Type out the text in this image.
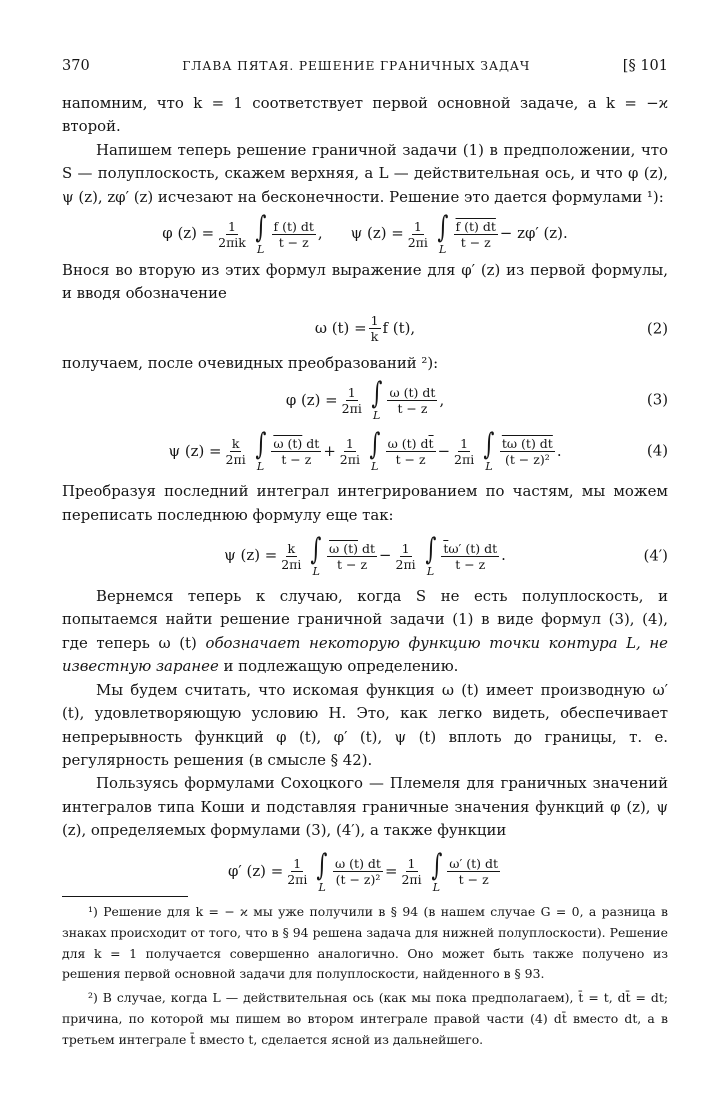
370	ГЛАВА ПЯТАЯ. РЕШЕНИЕ ГРАНИЧНЫХ ЗАДАЧ	[§ 101

напомним, что k = 1 соответствует первой основной задаче, а k = −ϰ второй.

Напишем теперь решение граничной задачи (1) в предположении, что S — полуплоскость, скажем верхняя, а L — действительная ось, и что φ (z), ψ (z), zφ′ (z) исчезают на бесконечности. Решение это дается формулами ¹):

φ (z) = 1
2πik ∫
L $\frac{f (t) dt}{t - z}$ , ψ $(z) = \frac{1}{2\pi i}$ ∫
L $\frac{f (t) dt}{t - z} - z\varphi'$ (z).

Внося во вторую из этих формул выражение для φ′ (z) из первой формулы, и вводя обозначение

ω $(t) = \frac{1}{k}$ f (t),	(2)

получаем, после очевидных преобразований ²):

φ $(z) = \frac{1}{2\pi i}$ ∫
L $\frac{\omega (t) dt}{t - z}$ ,	(3)
ψ $(z) = \frac{k}{2\pi i}$ ∫
L
ω (t) dt
$t - z + \frac{1}{2\pi i}$ ∫
L
ω (t) $d\overline{t}$
$t - z - \frac{1}{2\pi i}$ ∫
L $\frac{t\omega (t) dt}{\text{(t − z)²}}$ .	(4)

Преобразуя последний интеграл интегрированием по частям, мы можем переписать последнюю формулу еще так:

ψ $(z) = \frac{k}{2\pi i}$ ∫
L
ω (t) dt
$t - z - \frac{1}{2\pi i}$ ∫
L
$\overline{t}\omega'$ (t) dt
t − z .	(4′)

Вернемся теперь к случаю, когда S не есть полуплоскость, и попытаемся найти решение граничной задачи (1) в виде формул (3), (4), где теперь ω (t) обозначает некоторую функцию точки контура L, не известную заранее и подлежащую определению.

Мы будем считать, что искомая функция ω (t) имеет производную ω′ (t), удовлетворяющую условию H. Это, как легко видеть, обеспечивает непрерывность функций φ (t), φ′ (t), ψ (t) вплоть до границы, т. е. регулярность решения (в смысле § 42).

Пользуясь формулами Сохоцкого — Племеля для граничных значений интегралов типа Коши и подставляя граничные значения функций φ (z), ψ (z), определяемых формулами (3), (4′), а также функции

φ′ $(z) = \frac{1}{2\pi i}$ ∫
L $\frac{\omega (t) dt}{\text{(t − z)²}} = \frac{1}{2\pi i}$ ∫
L $\frac{\omega' (t) dt}{t - z}$

¹) Решение для k = − ϰ мы уже получили в § 94 (в нашем случае G = 0, а разница в знаках происходит от того, что в § 94 решена задача для нижней полуплоскости). Решение для k = 1 получается совершенно аналогично. Оно может быть также получено из решения первой основной задачи для полуплоскости, найденного в § 93.

²) В случае, когда L — действительная ось (как мы пока предполагаем), t̄ = t, dt̄ = dt; причина, по которой мы пишем во втором интеграле правой части (4) dt̄ вместо dt, а в третьем интеграле t̄ вместо t, сделается ясной из дальнейшего.
